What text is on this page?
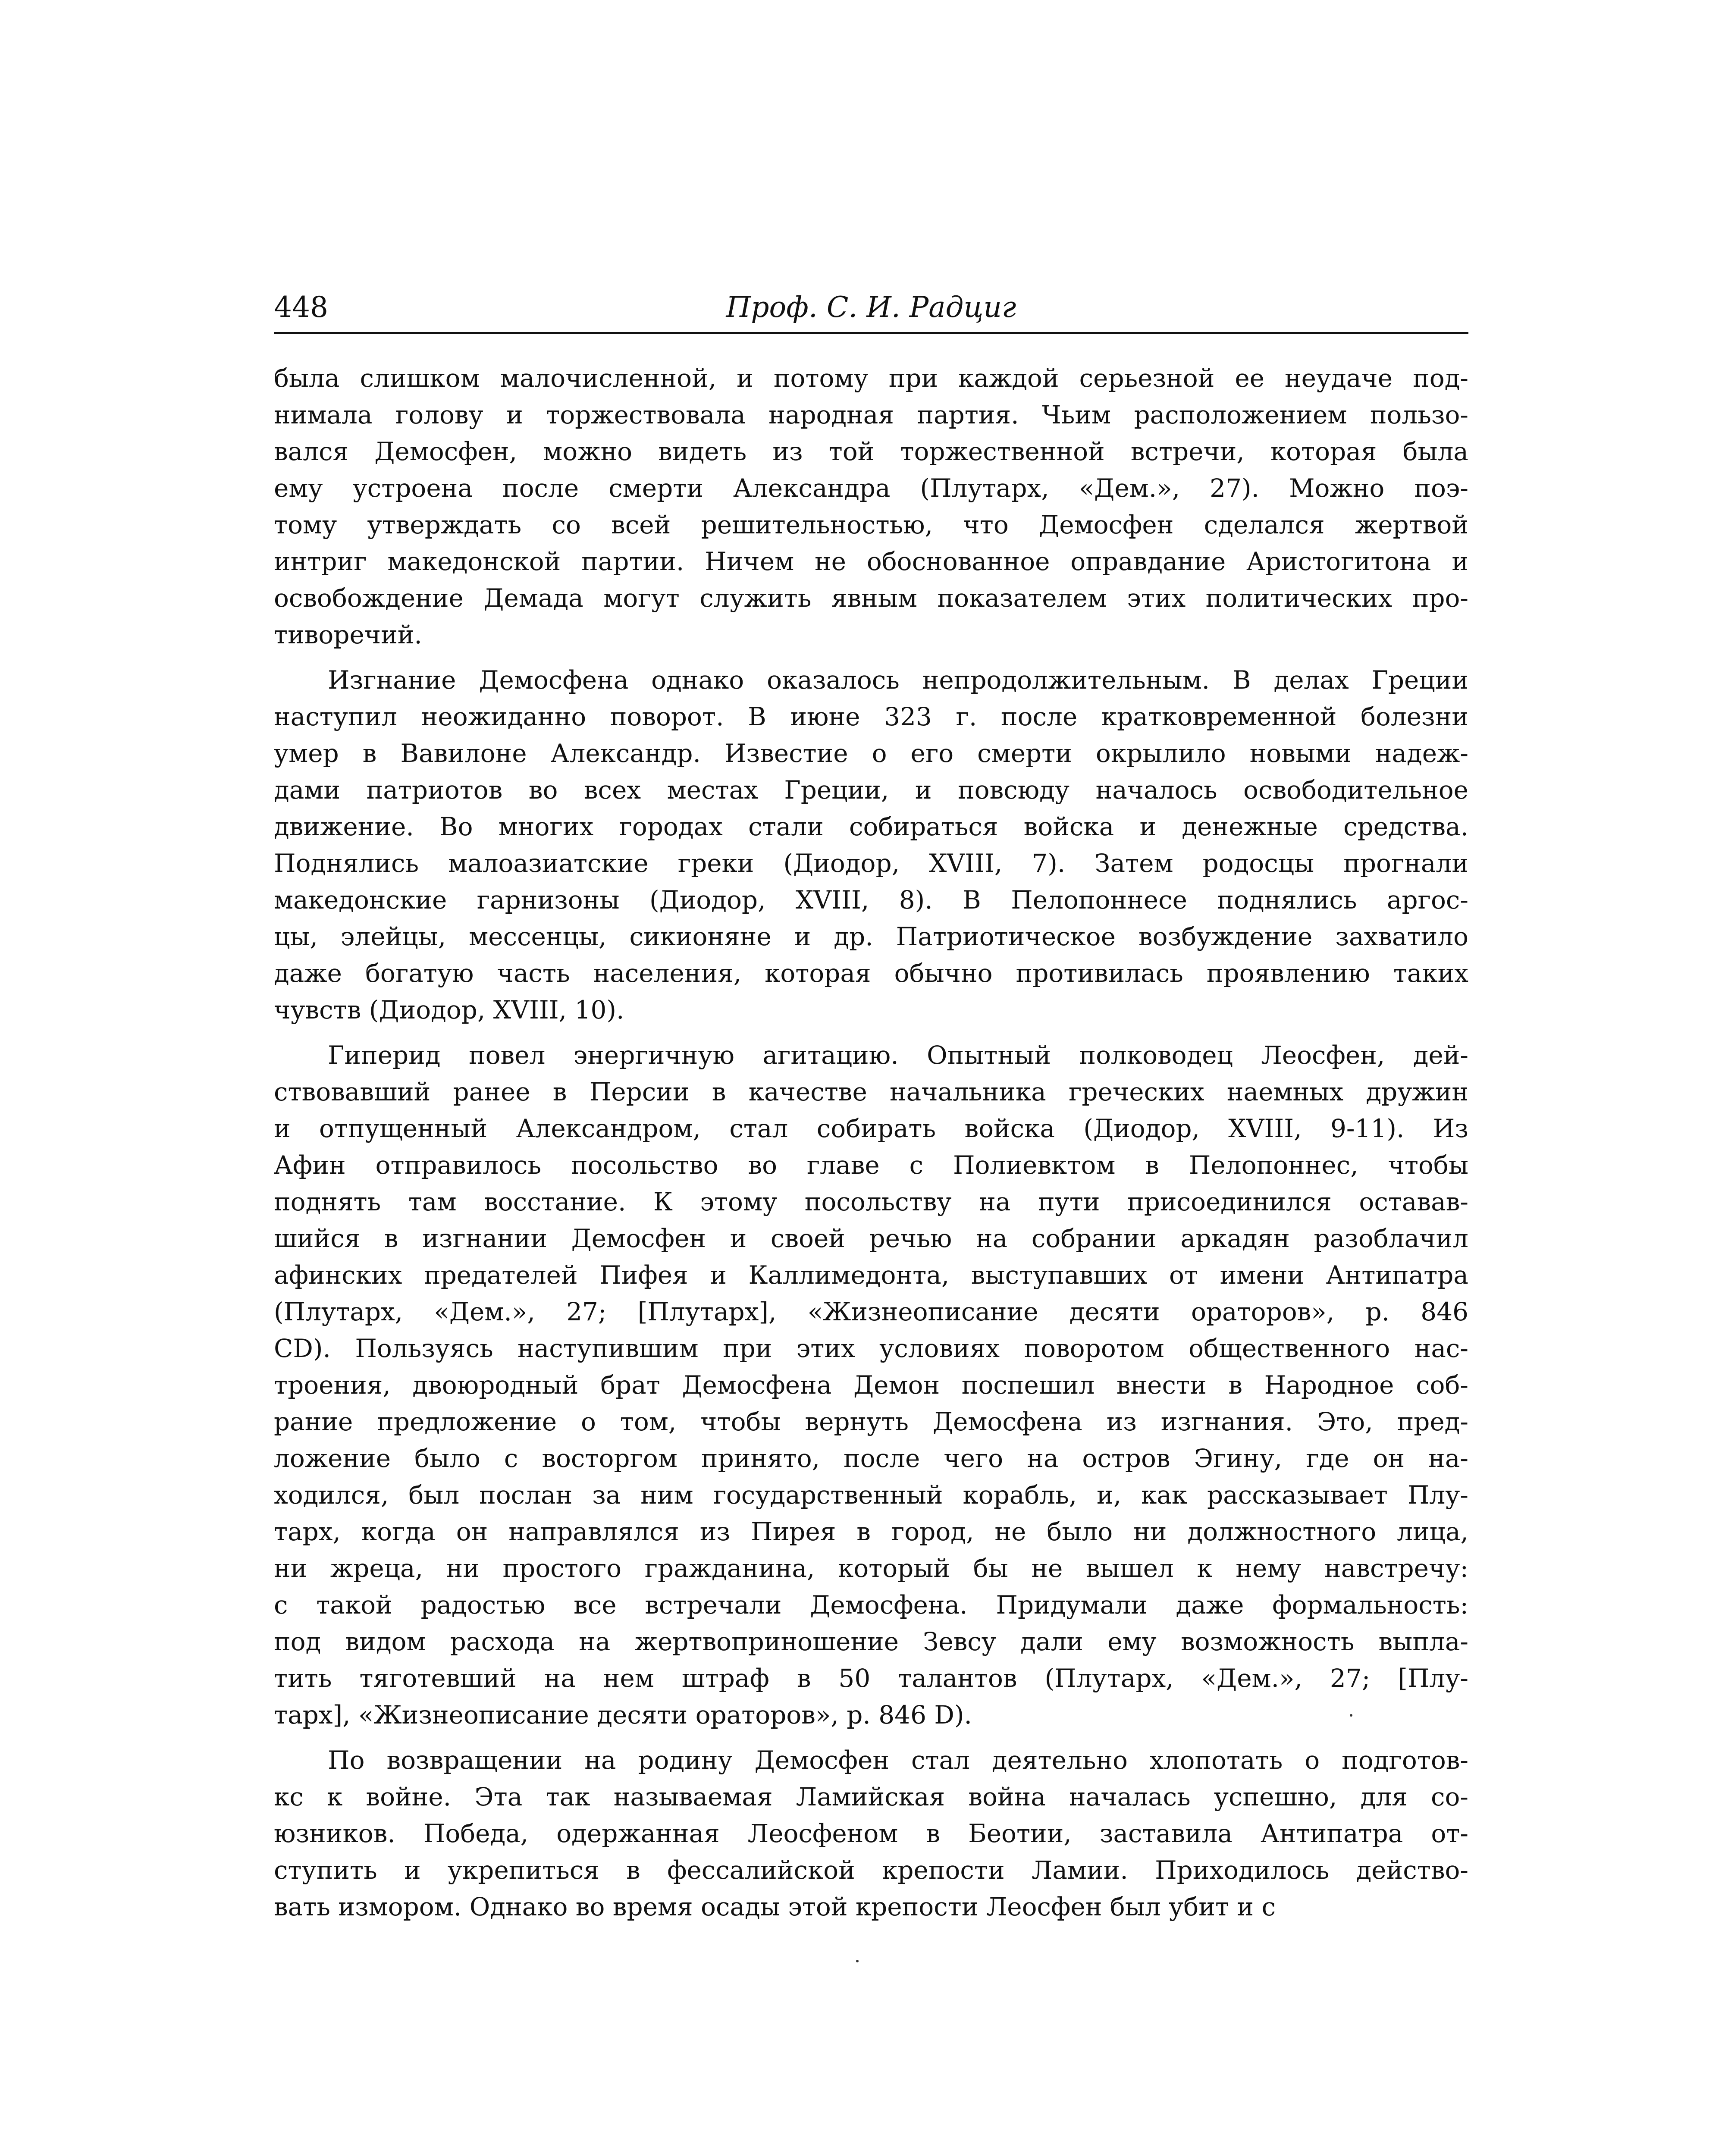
448	Проф. С. И. Радциг

была слишком малочисленной, и потому при каждой серьезной ее неудаче под-
нимала голову и торжествовала народная партия. Чьим расположением пользо-
вался Демосфен, можно видеть из той торжественной встречи, которая была
ему устроена после смерти Александра (Плутарх, «Дем.», 27). Можно поэ-
тому утверждать со всей решительностью, что Демосфен сделался жертвой
интриг македонской партии. Ничем не обоснованное оправдание Аристогитона и
освобождение Демада могут служить явным показателем этих политических про-
тиворечий.

Изгнание Демосфена однако оказалось непродолжительным. В делах Греции
наступил неожиданно поворот. В июне 323 г. после кратковременной болезни
умер в Вавилоне Александр. Известие о его смерти окрылило новыми надеж-
дами патриотов во всех местах Греции, и повсюду началось освободительное
движение. Во многих городах стали собираться войска и денежные средства.
Поднялись малоазиатские греки (Диодор, XVIII, 7). Затем родосцы прогнали
македонские гарнизоны (Диодор, XVIII, 8). В Пелопоннесе поднялись аргос-
цы, элейцы, мессенцы, сикионяне и др. Патриотическое возбуждение захватило
даже богатую часть населения, которая обычно противилась проявлению таких
чувств (Диодор, XVIII, 10).

Гиперид повел энергичную агитацию. Опытный полководец Леосфен, дей-
ствовавший ранее в Персии в качестве начальника греческих наемных дружин
и отпущенный Александром, стал собирать войска (Диодор, XVIII, 9-11). Из
Афин отправилось посольство во главе с Полиевктом в Пелопоннес, чтобы
поднять там восстание. К этому посольству на пути присоединился оставав-
шийся в изгнании Демосфен и своей речью на собрании аркадян разоблачил
афинских предателей Пифея и Каллимедонта, выступавших от имени Антипатра
(Плутарх, «Дем.», 27; [Плутарх], «Жизнеописание десяти ораторов», р. 846
CD). Пользуясь наступившим при этих условиях поворотом общественного нас-
троения, двоюродный брат Демосфена Демон поспешил внести в Народное соб-
рание предложение о том, чтобы вернуть Демосфена из изгнания. Это, пред-
ложение было с восторгом принято, после чего на остров Эгину, где он на-
ходился, был послан за ним государственный корабль, и, как рассказывает Плу-
тарх, когда он направлялся из Пирея в город, не было ни должностного лица,
ни жреца, ни простого гражданина, который бы не вышел к нему навстречу:
с такой радостью все встречали Демосфена. Придумали даже формальность:
под видом расхода на жертвоприношение Зевсу дали ему возможность выпла-
тить тяготевший на нем штраф в 50 талантов (Плутарх, «Дем.», 27; [Плу-
тарх], «Жизнеописание десяти ораторов», р. 846 D).

По возвращении на родину Демосфен стал деятельно хлопотать о подготов-
кс к войне. Эта так называемая Ламийская война началась успешно, для со-
юзников. Победа, одержанная Леосфеном в Беотии, заставила Антипатра от-
ступить и укрепиться в фессалийской крепости Ламии. Приходилось действо-
вать измором. Однако во время осады этой крепости Леосфен был убит и с
